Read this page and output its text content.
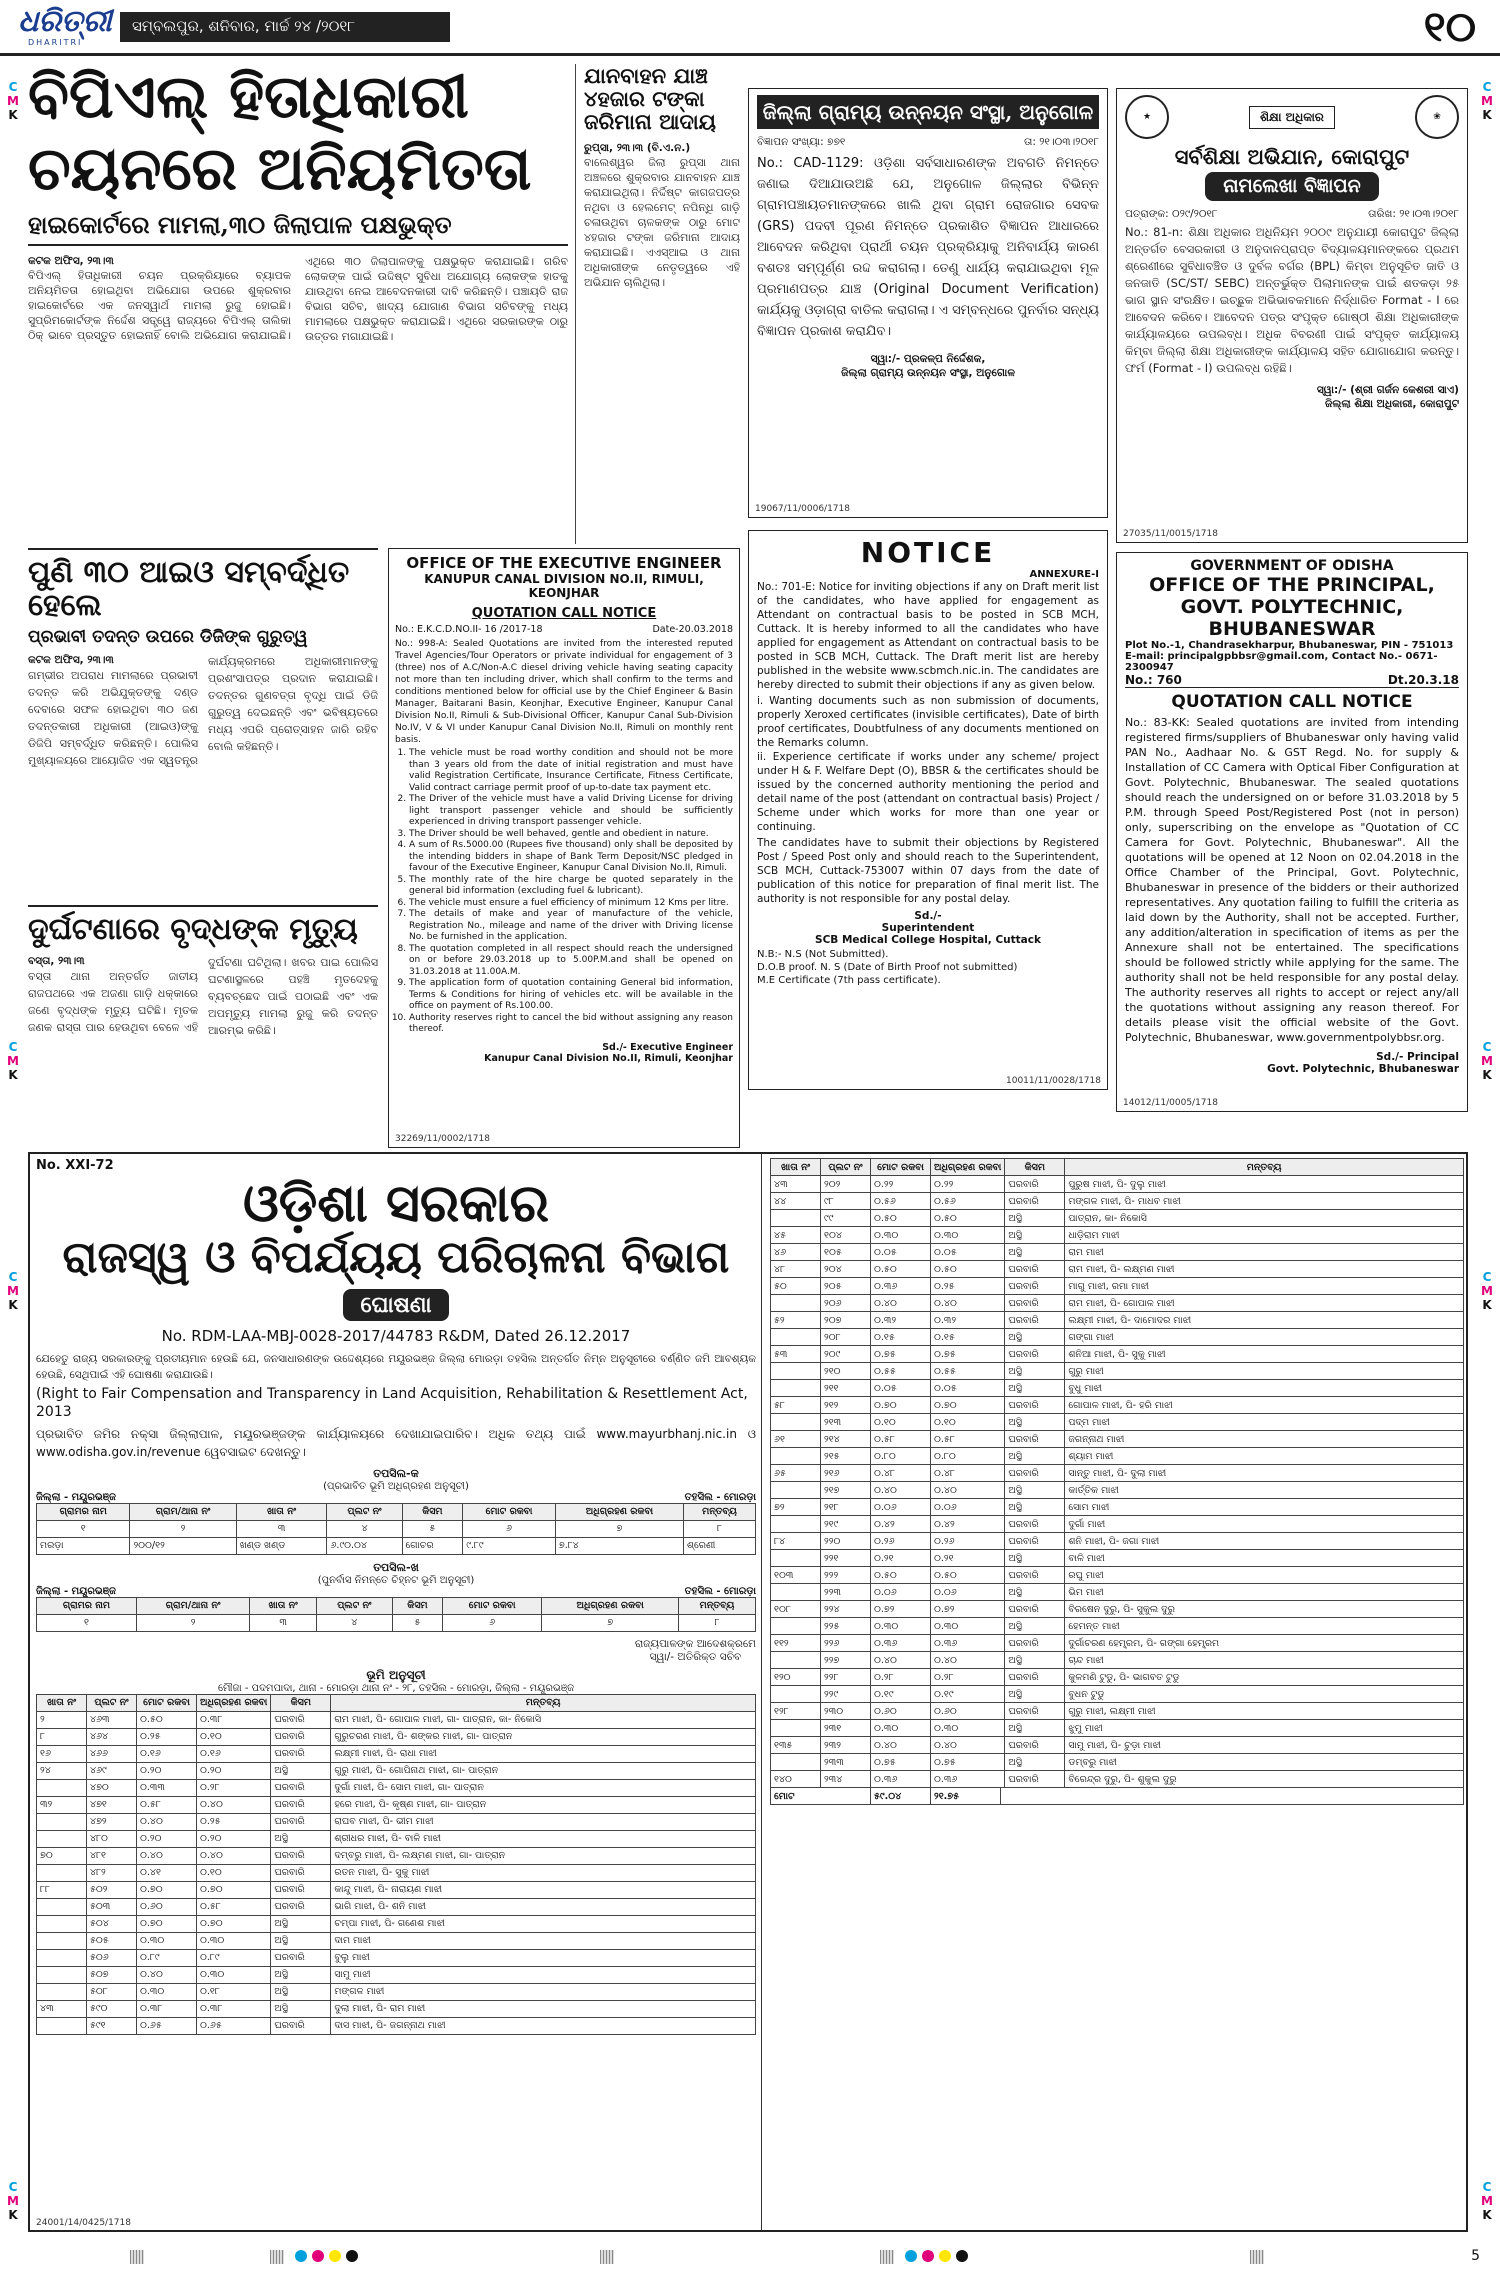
ଧରିତ୍ରୀ
DHARITRI
ସମ୍ବଲପୁର, ଶନିବାର, ମାର୍ଚ୍ଚ ୨୪ /୨୦୧୮	୧୦
C
M
K
C
M
K
C
M
K
C
M
K
C
M
K
C
M
K
C
M
K
C
M
K
ବିପିଏଲ୍ ହିତାଧିକାରୀ
ଚୟନରେ ଅନିୟମିତତା
ହାଇକୋର୍ଟରେ ମାମଲା,୩୦ ଜିଲାପାଳ ପକ୍ଷଭୁକ୍ତ
କଟକ ଅଫିସ, ୨୩।୩
ବିପିଏଲ୍ ହିତାଧିକାରୀ ଚୟନ ପ୍ରକ୍ରିୟାରେ ବ୍ୟାପକ ଅନିୟମିତତା ହୋଇଥିବା ଅଭିଯୋଗ ଉପରେ ଶୁକ୍ରବାର ହାଇକୋର୍ଟରେ ଏକ ଜନସ୍ୱାର୍ଥ ମାମଲା ରୁଜୁ ହୋଇଛି। ସୁପ୍ରିମକୋର୍ଟଙ୍କ ନିର୍ଦ୍ଦେଶ ସତ୍ତ୍ୱେ ରାଜ୍ୟରେ ବିପିଏଲ୍ ତାଲିକା ଠିକ୍ ଭାବେ ପ୍ରସ୍ତୁତ ହୋଇନାହିଁ ବୋଲି ଅଭିଯୋଗ କରାଯାଇଛି। ଏଥିରେ ୩୦ ଜିଲାପାଳଙ୍କୁ ପକ୍ଷଭୁକ୍ତ କରାଯାଇଛି। ଗରିବ ଲୋକଙ୍କ ପାଇଁ ଉଦ୍ଦିଷ୍ଟ ସୁବିଧା ଅଯୋଗ୍ୟ ଲୋକଙ୍କ ହାତକୁ ଯାଉଥିବା ନେଇ ଆବେଦନକାରୀ ଦାବି କରିଛନ୍ତି। ପଞ୍ଚାୟତି ରାଜ ବିଭାଗ ସଚିବ, ଖାଦ୍ୟ ଯୋଗାଣ ବିଭାଗ ସଚିବଙ୍କୁ ମଧ୍ୟ ମାମଲାରେ ପକ୍ଷଭୁକ୍ତ କରାଯାଇଛି। ଏଥିରେ ସରକାରଙ୍କ ଠାରୁ ଉତ୍ତର ମଗାଯାଇଛି।
ଯାନବାହନ ଯାଞ୍ଚ ୪ହଜାର ଟଙ୍କା ଜରିମାନା ଆଦାୟ
ରୁପ୍ସା, ୨୩।୩ (ବି.ଏ.ନ.)
ବାଲେଶ୍ୱର ଜିଲା ରୁପ୍ସା ଥାନା ଅଞ୍ଚଳରେ ଶୁକ୍ରବାର ଯାନବାହନ ଯାଞ୍ଚ କରାଯାଇଥିଲା। ନିର୍ଦ୍ଦିଷ୍ଟ କାଗଜପତ୍ର ନଥିବା ଓ ହେଲମେଟ୍ ନପିନ୍ଧି ଗାଡ଼ି ଚଳାଉଥିବା ଚାଳକଙ୍କ ଠାରୁ ମୋଟ ୪ହଜାର ଟଙ୍କା ଜରିମାନା ଆଦାୟ କରାଯାଇଛି। ଏଏସ୍ଆଇ ଓ ଥାନା ଅଧିକାରୀଙ୍କ ନେତୃତ୍ୱରେ ଏହି ଅଭିଯାନ ଚାଲିଥିଲା।
ଜିଲ୍ଲା ଗ୍ରାମ୍ୟ ଉନ୍ନୟନ ସଂସ୍ଥା, ଅନୁଗୋଳ
ବିଜ୍ଞାପନ ସଂଖ୍ୟା: ୭୭୧	ତା: ୨୧।୦୩।୨୦୧୮
No.: CAD-1129: ଓଡ଼ିଶା ସର୍ବସାଧାରଣଙ୍କ ଅବଗତି ନିମନ୍ତେ ଜଣାଇ ଦିଆଯାଉଅଛି ଯେ, ଅନୁଗୋଳ ଜିଲ୍ଲାର ବିଭିନ୍ନ ଗ୍ରାମପଞ୍ଚାୟତମାନଙ୍କରେ ଖାଲି ଥିବା ଗ୍ରାମ ରୋଜଗାର ସେବକ (GRS) ପଦବୀ ପୂରଣ ନିମନ୍ତେ ପ୍ରକାଶିତ ବିଜ୍ଞାପନ ଆଧାରରେ ଆବେଦନ କରିଥିବା ପ୍ରାର୍ଥୀ ଚୟନ ପ୍ରକ୍ରିୟାକୁ ଅନିବାର୍ଯ୍ୟ କାରଣ ବଶତଃ ସମ୍ପୂର୍ଣ୍ଣ ରଦ୍ଦ କରାଗଲା। ତେଣୁ ଧାର୍ଯ୍ୟ କରାଯାଇଥିବା ମୂଳ ପ୍ରମାଣପତ୍ର ଯାଞ୍ଚ (Original Document Verification) କାର୍ଯ୍ୟକୁ ଓଡ଼ାଗ୍ରା ବାତିଲ କରାଗଲା। ଏ ସମ୍ବନ୍ଧରେ ପୁନର୍ବାର ସନ୍ଧ୍ୟ ବିଜ୍ଞାପନ ପ୍ରକାଶ କରାଯିବ।
ସ୍ୱା:/- ପ୍ରକଳ୍ପ ନିର୍ଦ୍ଦେଶକ,
ଜିଲ୍ଲା ଗ୍ରାମ୍ୟ ଉନ୍ନୟନ ସଂସ୍ଥା, ଅନୁଗୋଳ
19067/11/0006/1718
★	ଶିକ୍ଷା ଅଧିକାର	❀
ସର୍ବଶିକ୍ଷା ଅଭିଯାନ, କୋରାପୁଟ
ନାମଲେଖା ବିଜ୍ଞାପନ
ପତ୍ରାଙ୍କ: ୦୨୯/୨୦୧୮	ତାରିଖ: ୨୧।୦୩।୨୦୧୮
No.: 81-n: ଶିକ୍ଷା ଅଧିକାର ଅଧିନିୟମ ୨୦୦୯ ଅନୁଯାୟୀ କୋରାପୁଟ ଜିଲ୍ଲା ଅନ୍ତର୍ଗତ ବେସରକାରୀ ଓ ଅନୁଦାନପ୍ରାପ୍ତ ବିଦ୍ୟାଳୟମାନଙ୍କରେ ପ୍ରଥମ ଶ୍ରେଣୀରେ ସୁବିଧାବଞ୍ଚିତ ଓ ଦୁର୍ବଳ ବର୍ଗର (BPL) କିମ୍ବା ଅନୁସୂଚିତ ଜାତି ଓ ଜନଜାତି (SC/ST/ SEBC) ଅନ୍ତର୍ଭୁକ୍ତ ପିଲାମାନଙ୍କ ପାଇଁ ଶତକଡ଼ା ୨୫ ଭାଗ ସ୍ଥାନ ସଂରକ୍ଷିତ। ଇଚ୍ଛୁକ ଅଭିଭାବକମାନେ ନିର୍ଦ୍ଧାରିତ Format - I ରେ ଆବେଦନ କରିବେ। ଆବେଦନ ପତ୍ର ସଂପୃକ୍ତ ଗୋଷ୍ଠୀ ଶିକ୍ଷା ଅଧିକାରୀଙ୍କ କାର୍ଯ୍ୟାଳୟରେ ଉପଲବ୍ଧ। ଅଧିକ ବିବରଣୀ ପାଇଁ ସଂପୃକ୍ତ କାର୍ଯ୍ୟାଳୟ କିମ୍ବା ଜିଲ୍ଲା ଶିକ୍ଷା ଅଧିକାରୀଙ୍କ କାର୍ଯ୍ୟାଳୟ ସହିତ ଯୋଗାଯୋଗ କରନ୍ତୁ। ଫର୍ମ (Format - I) ଉପଲବ୍ଧ ରହିଛି।
ସ୍ୱା:/- (ଶ୍ରୀ ଗର୍ଜନ କେଶରୀ ସାଏ)
ଜିଲ୍ଲା ଶିକ୍ଷା ଅଧିକାରୀ, କୋରାପୁଟ
27035/11/0015/1718
ପୁଣି ୩୦ ଆଇଓ ସମ୍ବର୍ଦ୍ଧିତ ହେଲେ
ପ୍ରଭାବୀ ତଦନ୍ତ ଉପରେ ଡିଜିଙ୍କ ଗୁରୁତ୍ୱ
କଟକ ଅଫିସ, ୨୩।୩
ଗମ୍ଭୀର ଅପରାଧ ମାମଲାରେ ପ୍ରଭାବୀ ତଦନ୍ତ କରି ଅଭିଯୁକ୍ତଙ୍କୁ ଦଣ୍ଡ ଦେବାରେ ସଫଳ ହୋଇଥିବା ୩୦ ଜଣ ତଦନ୍ତକାରୀ ଅଧିକାରୀ (ଆଇଓ)ଙ୍କୁ ଡିଜିପି ସମ୍ବର୍ଦ୍ଧିତ କରିଛନ୍ତି। ପୋଲିସ ମୁଖ୍ୟାଳୟରେ ଆୟୋଜିତ ଏକ ସ୍ୱତନ୍ତ୍ର କାର୍ଯ୍ୟକ୍ରମରେ ଅଧିକାରୀମାନଙ୍କୁ ପ୍ରଶଂସାପତ୍ର ପ୍ରଦାନ କରାଯାଇଛି। ତଦନ୍ତର ଗୁଣବତ୍ତା ବୃଦ୍ଧି ପାଇଁ ଡିଜି ଗୁରୁତ୍ୱ ଦେଇଛନ୍ତି ଏବଂ ଭବିଷ୍ୟତରେ ମଧ୍ୟ ଏପରି ପ୍ରୋତ୍ସାହନ ଜାରି ରହିବ ବୋଲି କହିଛନ୍ତି।
ଦୁର୍ଘଟଣାରେ ବୃଦ୍ଧଙ୍କ ମୃତ୍ୟୁ
ବସ୍ତା, ୨୩।୩
ବସ୍ତା ଥାନା ଅନ୍ତର୍ଗତ ଜାତୀୟ ରାଜପଥରେ ଏକ ଅଜଣା ଗାଡ଼ି ଧକ୍କାରେ ଜଣେ ବୃଦ୍ଧଙ୍କ ମୃତ୍ୟୁ ଘଟିଛି। ମୃତକ ଜଣକ ରାସ୍ତା ପାର ହେଉଥିବା ବେଳେ ଏହି ଦୁର୍ଘଟଣା ଘଟିଥିଲା। ଖବର ପାଇ ପୋଲିସ ଘଟଣାସ୍ଥଳରେ ପହଞ୍ଚି ମୃତଦେହକୁ ବ୍ୟବଚ୍ଛେଦ ପାଇଁ ପଠାଇଛି ଏବଂ ଏକ ଅପମୃତ୍ୟୁ ମାମଲା ରୁଜୁ କରି ତଦନ୍ତ ଆରମ୍ଭ କରିଛି।
OFFICE OF THE EXECUTIVE ENGINEER
KANUPUR CANAL DIVISION NO.II, RIMULI, KEONJHAR
QUOTATION CALL NOTICE
No.: E.K.C.D.NO.II- 16 /2017-18	Date-20.03.2018
No.: 998-A: Sealed Quotations are invited from the interested reputed Travel Agencies/Tour Operators or private individual for engagement of 3 (three) nos of A.C/Non-A.C diesel driving vehicle having seating capacity not more than ten including driver, which shall confirm to the terms and conditions mentioned below for official use by the Chief Engineer & Basin Manager, Baitarani Basin, Keonjhar, Executive Engineer, Kanupur Canal Division No.II, Rimuli & Sub-Divisional Officer, Kanupur Canal Sub-Division No.IV, V & VI under Kanupur Canal Division No.II, Rimuli on monthly rent basis.
1. The vehicle must be road worthy condition and should not be more than 3 years old from the date of initial registration and must have valid Registration Certificate, Insurance Certificate, Fitness Certificate, Valid contract carriage permit proof of up-to-date tax payment etc.
2. The Driver of the vehicle must have a valid Driving License for driving light transport passenger vehicle and should be sufficiently experienced in driving transport passenger vehicle.
3. The Driver should be well behaved, gentle and obedient in nature.
4. A sum of Rs.5000.00 (Rupees five thousand) only shall be deposited by the intending bidders in shape of Bank Term Deposit/NSC pledged in favour of the Executive Engineer, Kanupur Canal Division No.II, Rimuli.
5. The monthly rate of the hire charge be quoted separately in the general bid information (excluding fuel & lubricant).
6. The vehicle must ensure a fuel efficiency of minimum 12 Kms per litre.
7. The details of make and year of manufacture of the vehicle, Registration No., mileage and name of the driver with Driving license No. be furnished in the application.
8. The quotation completed in all respect should reach the undersigned on or before 29.03.2018 up to 5.00P.M.and shall be opened on 31.03.2018 at 11.00A.M.
9. The application form of quotation containing General bid information, Terms & Conditions for hiring of vehicles etc. will be available in the office on payment of Rs.100.00.
10. Authority reserves right to cancel the bid without assigning any reason thereof.
Sd./- Executive Engineer
Kanupur Canal Division No.II, Rimuli, Keonjhar
32269/11/0002/1718
NOTICE
ANNEXURE-I
No.: 701-E: Notice for inviting objections if any on Draft merit list of the candidates, who have applied for engagement as Attendant on contractual basis to be posted in SCB MCH, Cuttack. It is hereby informed to all the candidates who have applied for engagement as Attendant on contractual basis to be posted in SCB MCH, Cuttack. The Draft merit list are hereby published in the website www.scbmch.nic.in. The candidates are hereby directed to submit their objections if any as given below.
i. Wanting documents such as non submission of documents, properly Xeroxed certificates (invisible certificates), Date of birth proof certificates, Doubtfulness of any documents mentioned on the Remarks column.
ii. Experience certificate if works under any scheme/ project under H & F. Welfare Dept (O), BBSR & the certificates should be issued by the concerned authority mentioning the period and detail name of the post (attendant on contractual basis) Project / Scheme under which works for more than one year or continuing.
The candidates have to submit their objections by Registered Post / Speed Post only and should reach to the Superintendent, SCB MCH, Cuttack-753007 within 07 days from the date of publication of this notice for preparation of final merit list. The authority is not responsible for any postal delay.
Sd./-
Superintendent
SCB Medical College Hospital, Cuttack
N.B:- N.S (Not Submitted).
D.O.B proof. N. S (Date of Birth Proof not submitted)
M.E Certificate (7th pass certificate).
10011/11/0028/1718
GOVERNMENT OF ODISHA
OFFICE OF THE PRINCIPAL,
GOVT. POLYTECHNIC, BHUBANESWAR
Plot No.-1, Chandrasekharpur, Bhubaneswar, PIN - 751013
E-mail: principalgpbbsr@gmail.com, Contact No.- 0671-2300947
No.: 760	Dt.20.3.18
QUOTATION CALL NOTICE
No.: 83-KK: Sealed quotations are invited from intending registered firms/suppliers of Bhubaneswar only having valid PAN No., Aadhaar No. & GST Regd. No. for supply & Installation of CC Camera with Optical Fiber Configuration at Govt. Polytechnic, Bhubaneswar. The sealed quotations should reach the undersigned on or before 31.03.2018 by 5 P.M. through Speed Post/Registered Post (not in person) only, superscribing on the envelope as "Quotation of CC Camera for Govt. Polytechnic, Bhubaneswar". All the quotations will be opened at 12 Noon on 02.04.2018 in the Office Chamber of the Principal, Govt. Polytechnic, Bhubaneswar in presence of the bidders or their authorized representatives. Any quotation failing to fulfill the criteria as laid down by the Authority, shall not be accepted. Further, any addition/alteration in specification of items as per the Annexure shall not be entertained. The specifications should be followed strictly while applying for the same. The authority shall not be held responsible for any postal delay. The authority reserves all rights to accept or reject any/all the quotations without assigning any reason thereof. For details please visit the official website of the Govt. Polytechnic, Bhubaneswar, www.governmentpolybbsr.org.
Sd./- Principal
Govt. Polytechnic, Bhubaneswar
14012/11/0005/1718
No. XXI-72
ଓଡ଼ିଶା ସରକାର
ରାଜସ୍ୱ ଓ ବିପର୍ଯ୍ୟୟ ପରିଚାଳନା ବିଭାଗ
ଘୋଷଣା
No. RDM-LAA-MBJ-0028-2017/44783 R&DM, Dated 26.12.2017
ଯେହେତୁ ରାଜ୍ୟ ସରକାରଙ୍କୁ ପ୍ରତୀୟମାନ ହେଉଛି ଯେ, ଜନସାଧାରଣଙ୍କ ଉଦ୍ଦେଶ୍ୟରେ ମୟୂରଭଞ୍ଜ ଜିଲ୍ଲା ମୋରଡ଼ା ତହସିଲ ଅନ୍ତର୍ଗତ ନିମ୍ନ ଅନୁସୂଚୀରେ ବର୍ଣ୍ଣିତ ଜମି ଆବଶ୍ୟକ ହେଉଛି, ସେଥିପାଇଁ ଏହି ଘୋଷଣା କରାଯାଉଛି।
(Right to Fair Compensation and Transparency in Land Acquisition, Rehabilitation & Resettlement Act, 2013
ପ୍ରଭାବିତ ଜମିର ନକ୍ସା ଜିଲ୍ଲାପାଳ, ମୟୂରଭଞ୍ଜଙ୍କ କାର୍ଯ୍ୟାଳୟରେ ଦେଖାଯାଇପାରିବ। ଅଧିକ ତଥ୍ୟ ପାଇଁ www.mayurbhanj.nic.in ଓ www.odisha.gov.in/revenue ୱେବସାଇଟ ଦେଖନ୍ତୁ।
ତପସିଲ-କ
(ପ୍ରଭାବିତ ଭୂମି ଅଧିଗ୍ରହଣ ଅନୁସୂଚୀ)
ଜିଲ୍ଲା - ମୟୂରଭଞ୍ଜ	ତହସିଲ - ମୋରଡ଼ା
ଗ୍ରାମର ନାମ	ଗ୍ରାମ/ଥାନା ନଂ	ଖାତା ନଂ	ପ୍ଲଟ ନଂ	କିସମ	ମୋଟ ରକବା	ଅଧିଗ୍ରହଣ ରକବା	ମନ୍ତବ୍ୟ
୧	୨	୩	୪	୫	୬	୭	୮
ମରଡ଼ା	୨୦୦/୧୨	ଖଣ୍ଡ ଖଣ୍ଡ	୬.୯୦.୦୪	ଗୋଚର	୯.୮୯	୭.୮୪	ଶ୍ରେଣୀ
ତପସିଲ-ଖ
(ପୁନର୍ବାସ ନିମନ୍ତେ ଚିହ୍ନଟ ଭୂମି ଅନୁସୂଚୀ)
ଜିଲ୍ଲା - ମୟୂରଭଞ୍ଜ	ତହସିଲ - ମୋରଡ଼ା
ଗ୍ରାମର ନାମ	ଗ୍ରାମ/ଥାନା ନଂ	ଖାତା ନଂ	ପ୍ଲଟ ନଂ	କିସମ	ମୋଟ ରକବା	ଅଧିଗ୍ରହଣ ରକବା	ମନ୍ତବ୍ୟ
୧	୨	୩	୪	୫	୬	୭	୮
ରାଜ୍ୟପାଳଙ୍କ ଆଦେଶକ୍ରମେ
ସ୍ୱା/- ଅତିରିକ୍ତ ସଚିବ
ଭୂମି ଅନୁସୂଚୀ
ମୌଜା - ପଦମପାଦା, ଥାନା - ମୋରଡ଼ା ଥାନା ନଂ - ୨୮, ତହସିଲ - ମୋରଡ଼ା, ଜିଲ୍ଲା - ମୟୂରଭଞ୍ଜ
ଖାତା ନଂ	ପ୍ଲଟ ନଂ	ମୋଟ ରକବା	ଅଧିଗ୍ରହଣ ରକବା	କିସମ	ମନ୍ତବ୍ୟ
୨	୪୬୩	୦.୫୦	୦.୩୮	ଘରବାରି	ରାମ ମାଝୀ, ପି- ଗୋପାଳ ମାଝୀ, ଗା- ପାତ୍ରାନ, କା- ନିକୋସି
୮	୪୬୪	୦.୨୫	୦.୧୦	ଘରବାରି	ଗୁରୁଚରଣ ମାଝୀ, ପି- ଶଙ୍କର ମାଝୀ, ଗା- ପାତ୍ରାନ
୧୬	୪୬୬	୦.୧୬	୦.୧୬	ଘରବାରି	ଲକ୍ଷ୍ମୀ ମାଝୀ, ପି- ରାଧା ମାଝୀ
୨୪	୪୬୯	୦.୨୦	୦.୨୦	ଅସ୍ଥି	ଗୁରୁ ମାଝୀ, ପି- ଗୋପିନାଥ ମାଝୀ, ଗା- ପାତ୍ରାନ
	୪୭୦	୦.୩୩	୦.୨୮	ଘରବାରି	ଦୁର୍ଗା ମାଝୀ, ପି- ସୋମ ମାଝୀ, ଗା- ପାତ୍ରାନ
୩୨	୪୭୧	୦.୫୮	୦.୪୦	ଘରବାରି	ହରେ ମାଝୀ, ପି- କୃଷ୍ଣ ମାଝୀ, ଗା- ପାତ୍ରାନ
	୪୭୨	୦.୪୦	୦.୨୫	ଘରବାରି	ରାଘବ ମାଝୀ, ପି- ଭୀମ ମାଝୀ
	୪୮୦	୦.୨୦	୦.୨୦	ଅସ୍ଥି	ଶ୍ରୀଧର ମାଝୀ, ପି- ବାଳି ମାଝୀ
୭୦	୪୮୧	୦.୪୦	୦.୪୦	ଘରବାରି	ଦମ୍ବରୁ ମାଝୀ, ପି- ଲକ୍ଷ୍ମଣ ମାଝୀ, ଗା- ପାତ୍ରାନ
	୪୮୨	୦.୪୧	୦.୧୦	ଘରବାରି	ରତନ ମାଝୀ, ପି- ସୁକୁ ମାଝୀ
୮୮	୫୦୨	୦.୭୦	୦.୭୦	ଘରବାରି	କାନ୍ଦୁ ମାଝୀ, ପି- ନାରାୟଣ ମାଝୀ
	୫୦୩	୦.୬୦	୦.୫୮	ଘରବାରି	ଭାଗି ମାଝୀ, ପି- ଶନି ମାଝୀ
	୫୦୪	୦.୭୦	୦.୭୦	ଅସ୍ଥି	ଚମ୍ପା ମାଝୀ, ପି- ଗଣେଶ ମାଝୀ
	୫୦୫	୦.୩୦	୦.୩୦	ଅସ୍ଥି	ଦାମ ମାଝୀ
	୫୦୬	୦.୮୯	୦.୮୯	ଘରବାରି	ବୁଲୁ ମାଝୀ
	୫୦୭	୦.୪୦	୦.୩୦	ଅସ୍ଥି	ସାମୁ ମାଝୀ
	୫୦୮	୦.୩୦	୦.୧୮	ଅସ୍ଥି	ମଙ୍ଗଳ ମାଝୀ
୪୩	୫୯୦	୦.୩୮	୦.୩୮	ଅସ୍ଥି	ଦୁଲା ମାଝୀ, ପି- ରାମ ମାଝୀ
	୫୯୧	୦.୬୫	୦.୬୫	ଘରବାରି	ଦାସ ମାଝୀ, ପି- ଜଗନ୍ନାଥ ମାଝୀ
ଖାତା ନଂ	ପ୍ଲଟ ନଂ	ମୋଟ ରକବା	ଅଧିଗ୍ରହଣ ରକବା	କିସମ	ମନ୍ତବ୍ୟ
୪୩	୨୦୨	୦.୨୨	୦.୨୨	ଘରବାରି	ପୁରୁଷ ମାଝୀ, ପି- ଦୁଲୁ ମାଝୀ
୪୪	୯୮	୦.୫୬	୦.୫୬	ଘରବାରି	ମଙ୍ଗଳ ମାଝୀ, ପି- ମାଧବ ମାଝୀ
	୯୯	୦.୫୦	୦.୫୦	ଅସ୍ଥି	ପାତ୍ରାନ, କା- ନିକୋସି
୪୫	୧୦୪	୦.୩୦	୦.୩୦	ଅସ୍ଥି	ଧାଡ଼ିରାମ ମାଝୀ
୪୬	୧୦୫	୦.୦୫	୦.୦୫	ଅସ୍ଥି	ରାମ ମାଝୀ
୪୮	୨୦୪	୦.୫୦	୦.୫୦	ଘରବାରି	ରାମ ମାଝୀ, ପି- ଲକ୍ଷ୍ମଣ ମାଝୀ
୫୦	୨୦୫	୦.୩୬	୦.୨୫	ଘରବାରି	ମାଗୁ ମାଝୀ, ରମା ମାଝୀ
	୨୦୬	୦.୪୦	୦.୪୦	ଘରବାରି	ରାମ ମାଝୀ, ପି- ଗୋପାଳ ମାଝୀ
୫୨	୨୦୭	୦.୩୨	୦.୩୨	ଘରବାରି	ଲକ୍ଷ୍ମୀ ମାଝୀ, ପି- ଦାମୋଦର ମାଝୀ
	୨୦୮	୦.୧୫	୦.୧୫	ଅସ୍ଥି	ଗଙ୍ଗା ମାଝୀ
୫୩	୨୦୯	୦.୭୫	୦.୭୫	ଘରବାରି	ଶନିଆ ମାଝୀ, ପି- ସୁକୁ ମାଝୀ
	୨୧୦	୦.୫୫	୦.୫୫	ଅସ୍ଥି	ଗୁରୁ ମାଝୀ
	୨୧୧	୦.୦୫	୦.୦୫	ଅସ୍ଥି	ବୁଧୁ ମାଝୀ
୫୮	୨୧୨	୦.୭୦	୦.୭୦	ଘରବାରି	ଗୋପାଳ ମାଝୀ, ପି- ହରି ମାଝୀ
	୨୧୩	୦.୧୦	୦.୧୦	ଅସ୍ଥି	ପଦ୍ମ ମାଝୀ
୬୧	୨୧୪	୦.୫୮	୦.୫୮	ଘରବାରି	ଜଗନ୍ନାଥ ମାଝୀ
	୨୧୫	୦.୮୦	୦.୮୦	ଅସ୍ଥି	ଶ୍ୟାମ ମାଝୀ
୬୫	୨୧୬	୦.୪୮	୦.୪୮	ଘରବାରି	ସାନ୍ତୁ ମାଝୀ, ପି- ଦୁଲା ମାଝୀ
	୨୧୭	୦.୪୦	୦.୪୦	ଅସ୍ଥି	କାର୍ତ୍ତିକ ମାଝୀ
୭୨	୨୧୮	୦.୦୬	୦.୦୬	ଅସ୍ଥି	ସୋମ ମାଝୀ
	୨୧୯	୦.୪୨	୦.୪୨	ଘରବାରି	ଦୁର୍ଗା ମାଝୀ
୮୪	୨୨୦	୦.୨୬	୦.୨୬	ଘରବାରି	ଶନି ମାଝୀ, ପି- ଜଗା ମାଝୀ
	୨୨୧	୦.୨୧	୦.୨୧	ଅସ୍ଥି	ବାଳି ମାଝୀ
୧୦୩	୨୨୨	୦.୫୦	୦.୫୦	ଘରବାରି	ରଘୁ ମାଝୀ
	୨୨୩	୦.୦୬	୦.୦୬	ଅସ୍ଥି	ଭିମ ମାଝୀ
୧୦୮	୨୨୪	୦.୭୨	୦.୭୨	ଘରବାରି	ବିରଷେନ ଦୁରୁ, ପି- ସୁକୁଲ ଦୁରୁ
	୨୨୫	୦.୩୦	୦.୩୦	ଅସ୍ଥି	ହେମନ୍ତ ମାଝୀ
୧୧୨	୨୨୬	୦.୩୬	୦.୩୬	ଘରବାରି	ଦୁର୍ଗାଚରଣ ହେମ୍ବ୍ରମ, ପି- ଗଙ୍ଗା ହେମ୍ବ୍ରମ
	୨୨୭	୦.୪୦	୦.୪୦	ଅସ୍ଥି	ଚାନ୍ଦ ମାଝୀ
୧୨୦	୨୨୮	୦.୨୮	୦.୨୮	ଘରବାରି	କୁଳମଣି ଟୁଡୁ, ପି- ଭାଗବତ ଟୁଡୁ
	୨୨୯	୦.୧୯	୦.୧୯	ଅସ୍ଥି	ବୁଧନ ଟୁଡୁ
୧୨୮	୨୩୦	୦.୬୦	୦.୬୦	ଘରବାରି	ଗୁରୁ ମାଝୀ, ଲକ୍ଷ୍ମୀ ମାଝୀ
	୨୩୧	୦.୩୦	୦.୩୦	ଅସ୍ଥି	ଝୁମୁ ମାଝୀ
୧୩୫	୨୩୨	୦.୪୦	୦.୪୦	ଘରବାରି	ସାମୁ ମାଝୀ, ପି- ଚୁଡ଼ା ମାଝୀ
	୨୩୩	୦.୭୫	୦.୭୫	ଅସ୍ଥି	ଡମ୍ବରୁ ମାଝୀ
୧୪୦	୨୩୪	୦.୩୬	୦.୩୬	ଘରବାରି	ବିରେନ୍ଦ୍ର ଦୁରୁ, ପି- ଶୁକୁଲ ଦୁରୁ
ମୋଟ	୫୯.୦୪	୨୧.୭୫	
24001/14/0425/1718
5
